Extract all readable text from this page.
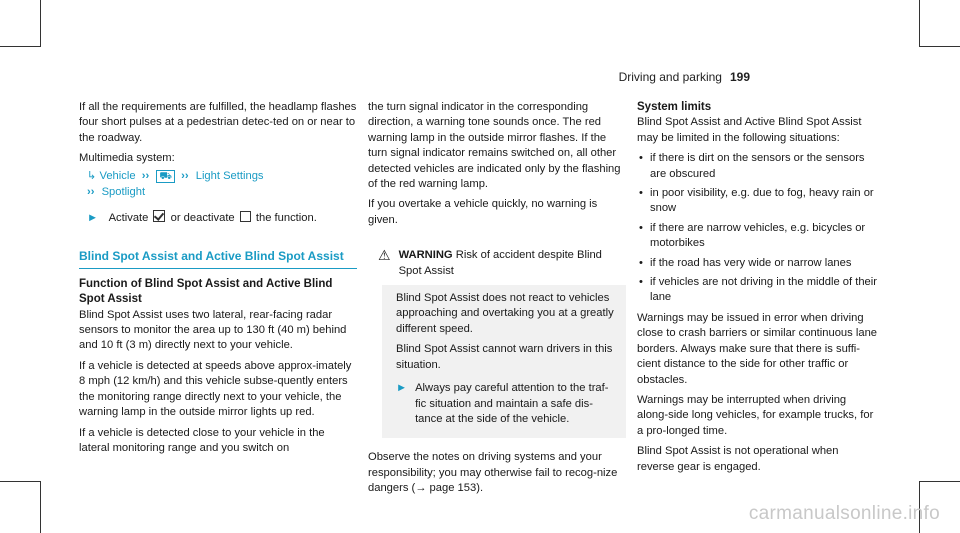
Driving and parking 199

If all the requirements are fulfilled, the headlamp flashes four short pulses at a pedestrian detec-ted on or near to the roadway.

Multimedia system:

↳ Vehicle  ›› ⛟  ›› Light Settings
›› Spotlight

► Activate or deactivate the function.

Blind Spot Assist and Active Blind Spot Assist

Function of Blind Spot Assist and Active Blind Spot Assist

Blind Spot Assist uses two lateral, rear-facing radar sensors to monitor the area up to 130 ft (40 m) behind and 10 ft (3 m) directly next to your vehicle.

If a vehicle is detected at speeds above approx-imately 8 mph (12 km/h) and this vehicle subse-quently enters the monitoring range directly next to your vehicle, the warning lamp in the outside mirror lights up red.

If a vehicle is detected close to your vehicle in the lateral monitoring range and you switch on

the turn signal indicator in the corresponding direction, a warning tone sounds once. The red warning lamp in the outside mirror flashes. If the turn signal indicator remains switched on, all other detected vehicles are indicated only by the flashing of the red warning lamp.

If you overtake a vehicle quickly, no warning is given.

⚠ WARNING Risk of accident despite Blind Spot Assist

Blind Spot Assist does not react to vehicles approaching and overtaking you at a greatly different speed.

Blind Spot Assist cannot warn drivers in this situation.

► Always pay careful attention to the traf-fic situation and maintain a safe dis-tance at the side of the vehicle.

Observe the notes on driving systems and your responsibility; you may otherwise fail to recog-nize dangers (→ page 153).

System limits

Blind Spot Assist and Active Blind Spot Assist may be limited in the following situations:

• if there is dirt on the sensors or the sensors are obscured
• in poor visibility, e.g. due to fog, heavy rain or snow
• if there are narrow vehicles, e.g. bicycles or motorbikes
• if the road has very wide or narrow lanes
• if vehicles are not driving in the middle of their lane

Warnings may be issued in error when driving close to crash barriers or similar continuous lane borders. Always make sure that there is suffi-cient distance to the side for other traffic or obstacles.

Warnings may be interrupted when driving along-side long vehicles, for example trucks, for a pro-longed time.

Blind Spot Assist is not operational when reverse gear is engaged.

carmanualsonline.info
